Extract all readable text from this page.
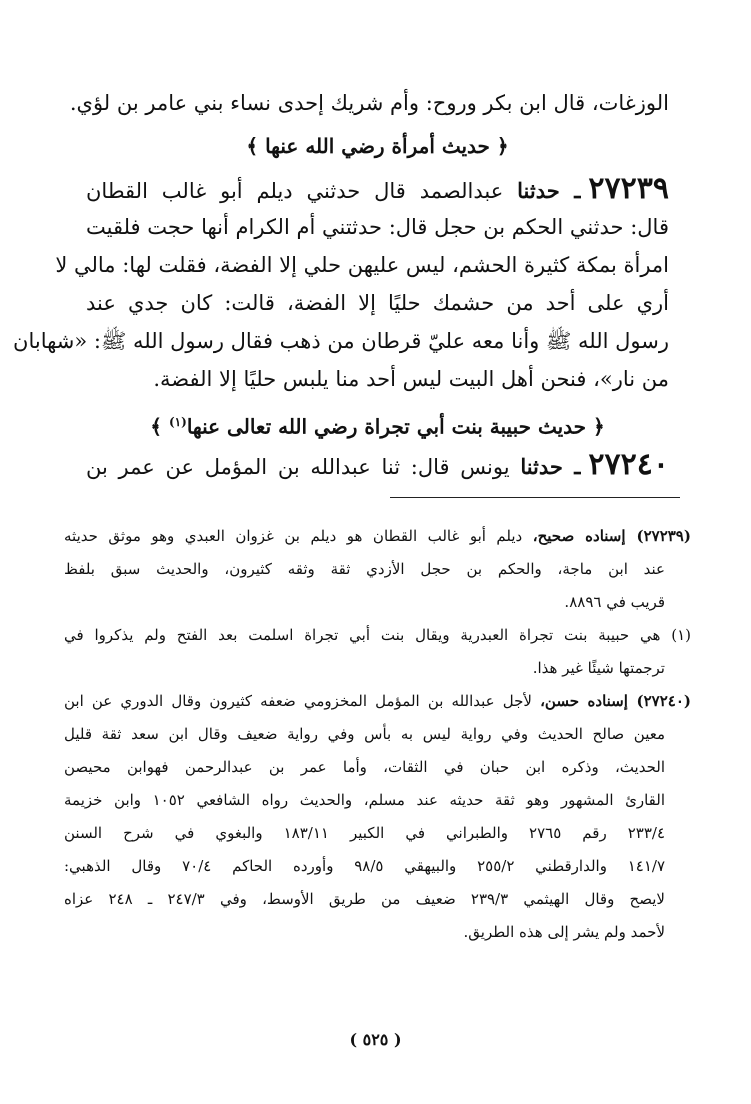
الوزغات، قال ابن بكر وروح: وأم شريك إحدى نساء بني عامر بن لؤي.
﴿ حديث أمرأة رضي الله عنها ﴾
٢٧٢٣٩ـ حدثنا عبدالصمد قال حدثني ديلم أبو غالب القطان
قال: حدثني الحكم بن حجل قال: حدثتني أم الكرام أنها حجت فلقيت
امرأة بمكة كثيرة الحشم، ليس عليهن حلي إلا الفضة، فقلت لها: مالي لا
أري على أحد من حشمك حليًا إلا الفضة، قالت: كان جدي عند
رسول الله ﷺ وأنا معه عليّ قرطان من ذهب فقال رسول الله ﷺ: «شهابان
من نار»، فنحن أهل البيت ليس أحد منا يلبس حليًا إلا الفضة.
﴿ حديث حبيبة بنت أبي تجراة رضي الله تعالى عنها$^{(١)}$ ﴾
٢٧٢٤٠ـ حدثنا يونس قال: ثنا عبدالله بن المؤمل عن عمر بن
(٢٧٢٣٩) إسناده صحيح، ديلم أبو غالب القطان هو ديلم بن غزوان العبدي وهو موثق حديثه
عند ابن ماجة، والحكم بن حجل الأزدي ثقة وثقه كثيرون، والحديث سبق بلفظ
قريب في ٨٨٩٦.
(١) هي حبيبة بنت تجراة العبدرية ويقال بنت أبي تجراة اسلمت بعد الفتح ولم يذكروا في
ترجمتها شيئًا غير هذا.
(٢٧٢٤٠) إسناده حسن، لأجل عبدالله بن المؤمل المخزومي ضعفه كثيرون وقال الدوري عن ابن
معين صالح الحديث وفي رواية ليس به بأس وفي رواية ضعيف وقال ابن سعد ثقة قليل
الحديث، وذكره ابن حبان في الثقات، وأما عمر بن عبدالرحمن فهوابن محيصن
القارئ المشهور وهو ثقة حديثه عند مسلم، والحديث رواه الشافعي ١٠٥٢ وابن خزيمة
٢٣٣/٤ رقم ٢٧٦٥ والطبراني في الكبير ١٨٣/١١ والبغوي في شرح السنن
١٤١/٧ والدارقطني ٢٥٥/٢ والبيهقي ٩٨/٥ وأورده الحاكم ٧٠/٤ وقال الذهبي:
لايصح وقال الهيثمي ٢٣٩/٣ ضعيف من طريق الأوسط، وفي ٢٤٧/٣ ـ ٢٤٨ عزاه
لأحمد ولم يشر إلى هذه الطريق.
( ٥٢٥ )
